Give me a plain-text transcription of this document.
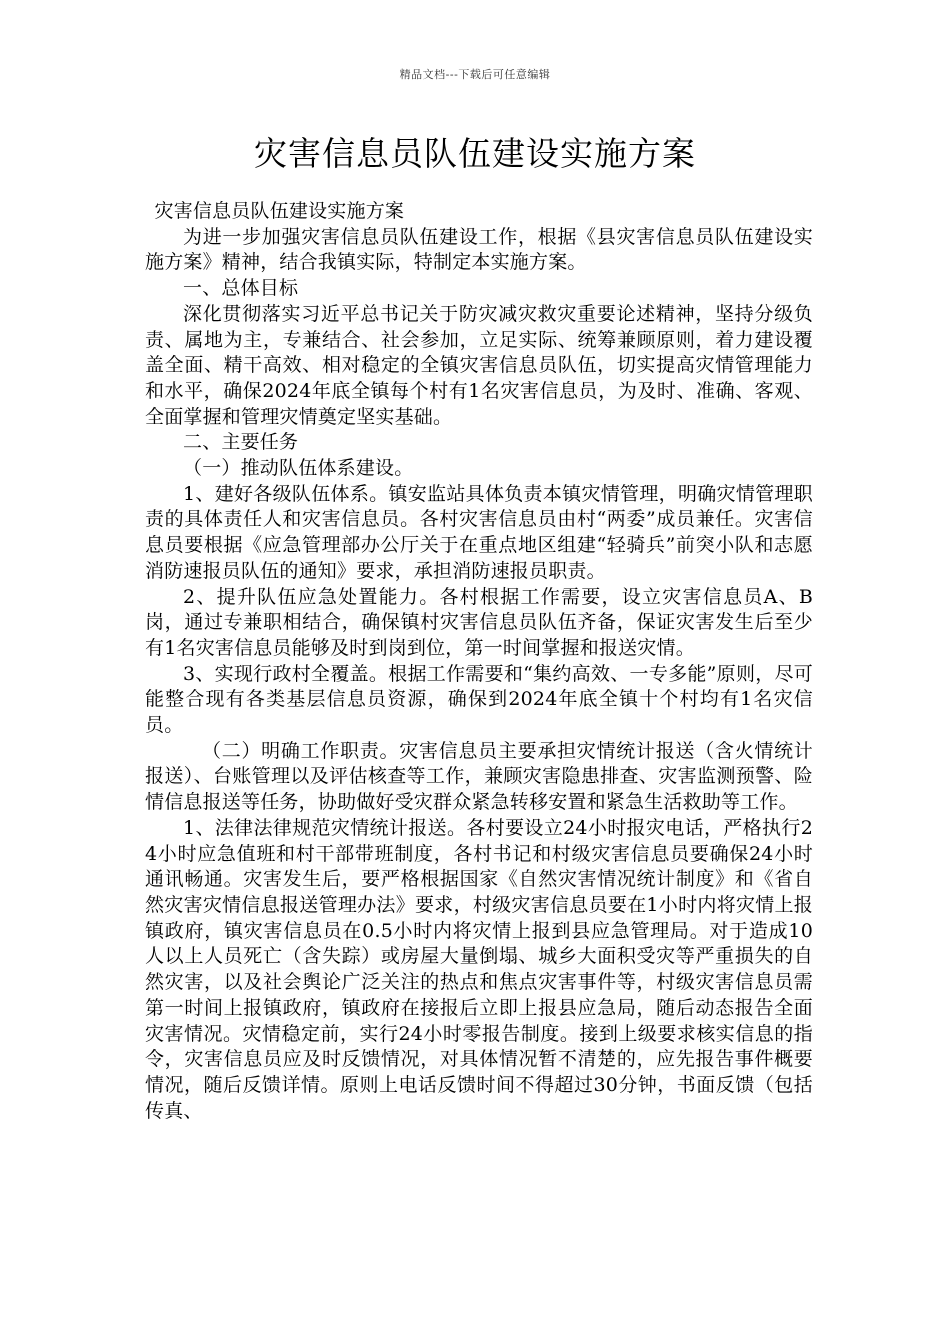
精品文档---下载后可任意编辑
灾害信息员队伍建设实施方案

灾害信息员队伍建设实施方案

为进一步加强灾害信息员队伍建设工作，根据《县灾害信息员队伍建设实施方案》精神，结合我镇实际，特制定本实施方案。

一、总体目标

深化贯彻落实习近平总书记关于防灾减灾救灾重要论述精神，坚持分级负责、属地为主，专兼结合、社会参加，立足实际、统筹兼顾原则，着力建设覆盖全面、精干高效、相对稳定的全镇灾害信息员队伍，切实提高灾情管理能力和水平，确保2024年底全镇每个村有1名灾害信息员，为及时、准确、客观、全面掌握和管理灾情奠定坚实基础。

二、主要任务

（一）推动队伍体系建设。

1、建好各级队伍体系。镇安监站具体负责本镇灾情管理，明确灾情管理职责的具体责任人和灾害信息员。各村灾害信息员由村“两委”成员兼任。灾害信息员要根据《应急管理部办公厅关于在重点地区组建“轻骑兵”前突小队和志愿消防速报员队伍的通知》要求，承担消防速报员职责。

2、提升队伍应急处置能力。各村根据工作需要，设立灾害信息员A、B岗，通过专兼职相结合，确保镇村灾害信息员队伍齐备，保证灾害发生后至少有1名灾害信息员能够及时到岗到位，第一时间掌握和报送灾情。

3、实现行政村全覆盖。根据工作需要和“集约高效、一专多能”原则，尽可能整合现有各类基层信息员资源，确保到2024年底全镇十个村均有1名灾信员。

（二）明确工作职责。灾害信息员主要承担灾情统计报送（含火情统计报送）、台账管理以及评估核查等工作，兼顾灾害隐患排查、灾害监测预警、险情信息报送等任务，协助做好受灾群众紧急转移安置和紧急生活救助等工作。

1、法律法律规范灾情统计报送。各村要设立24小时报灾电话，严格执行24小时应急值班和村干部带班制度，各村书记和村级灾害信息员要确保24小时通讯畅通。灾害发生后，要严格根据国家《自然灾害情况统计制度》和《省自然灾害灾情信息报送管理办法》要求，村级灾害信息员要在1小时内将灾情上报镇政府，镇灾害信息员在0.5小时内将灾情上报到县应急管理局。对于造成10人以上人员死亡（含失踪）或房屋大量倒塌、城乡大面积受灾等严重损失的自然灾害，以及社会舆论广泛关注的热点和焦点灾害事件等，村级灾害信息员需第一时间上报镇政府，镇政府在接报后立即上报县应急局，随后动态报告全面灾害情况。灾情稳定前，实行24小时零报告制度。接到上级要求核实信息的指令，灾害信息员应及时反馈情况，对具体情况暂不清楚的，应先报告事件概要情况，随后反馈详情。原则上电话反馈时间不得超过30分钟，书面反馈（包括传真、
